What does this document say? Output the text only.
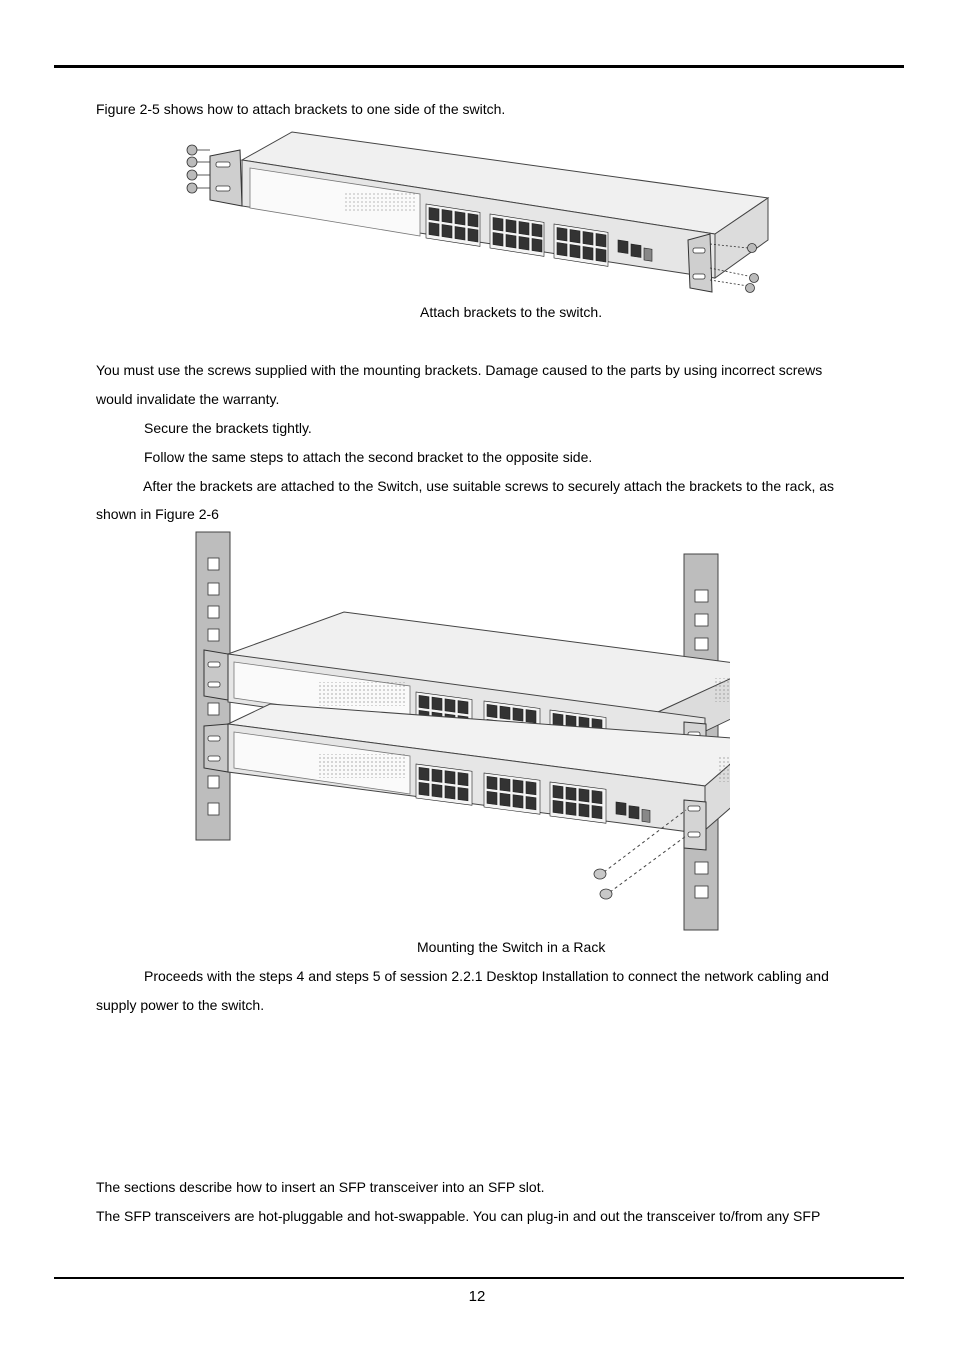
Figure 2-5 shows how to attach brackets to one side of the switch.
Attach brackets to the switch.
You must use the screws supplied with the mounting brackets. Damage caused to the parts by using incorrect screws
would invalidate the warranty.
Secure the brackets tightly.
Follow the same steps to attach the second bracket to the opposite side.
After the brackets are attached to the Switch, use suitable screws to securely attach the brackets to the rack, as
shown in Figure 2-6
Mounting the Switch in a Rack
Proceeds with the steps 4 and steps 5 of session 2.2.1 Desktop Installation to connect the network cabling and
supply power to the switch.
The sections describe how to insert an SFP transceiver into an SFP slot.
The SFP transceivers are hot-pluggable and hot-swappable. You can plug-in and out the transceiver to/from any SFP
12
